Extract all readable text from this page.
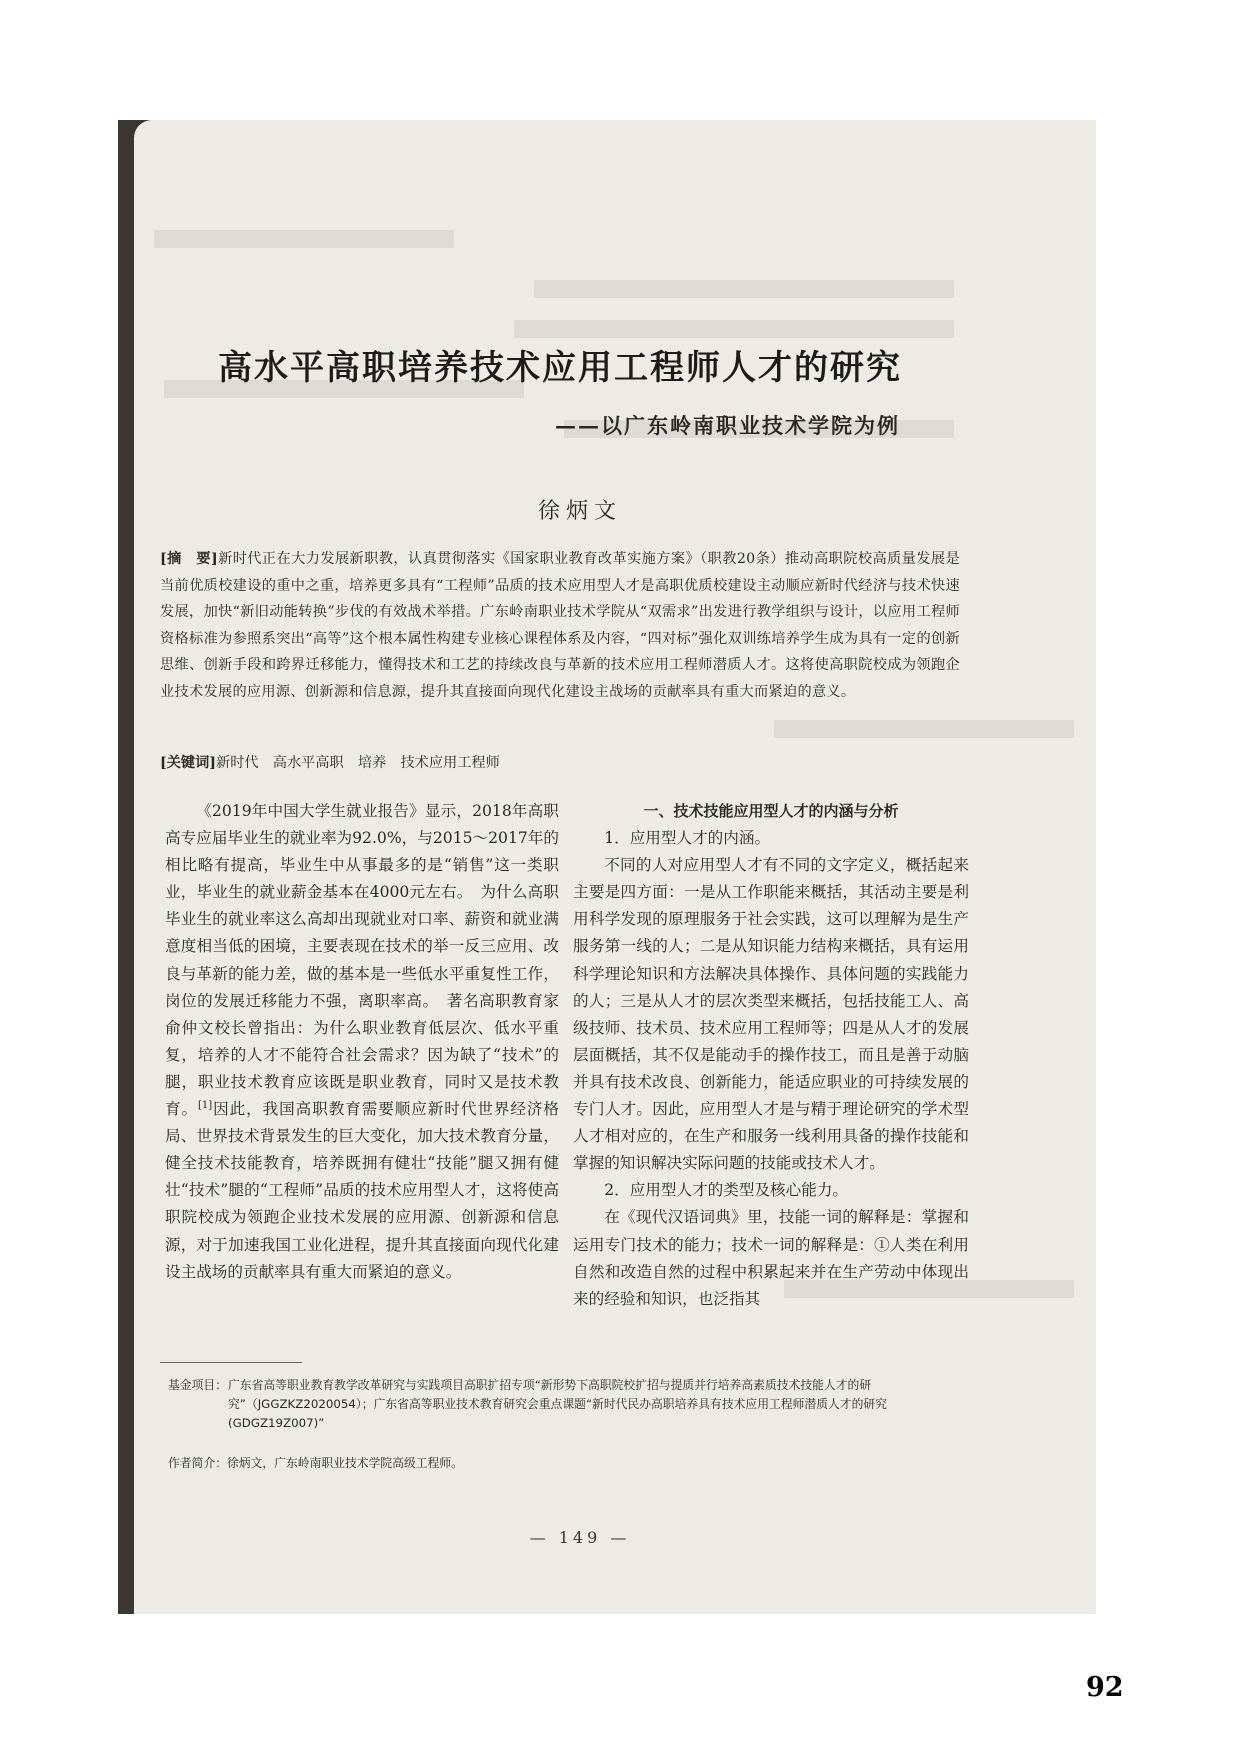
高水平高职培养技术应用工程师人才的研究
——以广东岭南职业技术学院为例

徐炳文

[摘　要]新时代正在大力发展新职教，认真贯彻落实《国家职业教育改革实施方案》（职教20条）推动高职院校高质量发展是当前优质校建设的重中之重，培养更多具有“工程师”品质的技术应用型人才是高职优质校建设主动顺应新时代经济与技术快速发展，加快“新旧动能转换”步伐的有效战术举措。广东岭南职业技术学院从“双需求”出发进行教学组织与设计，以应用工程师资格标准为参照系突出“高等”这个根本属性构建专业核心课程体系及内容，“四对标”强化双训练培养学生成为具有一定的创新思维、创新手段和跨界迁移能力，懂得技术和工艺的持续改良与革新的技术应用工程师潜质人才。这将使高职院校成为领跑企业技术发展的应用源、创新源和信息源，提升其直接面向现代化建设主战场的贡献率具有重大而紧迫的意义。

[关键词]新时代　高水平高职　培养　技术应用工程师

《2019年中国大学生就业报告》显示，2018年高职高专应届毕业生的就业率为92.0%，与2015～2017年的相比略有提高，毕业生中从事最多的是“销售”这一类职业，毕业生的就业薪金基本在4000元左右。　为什么高职毕业生的就业率这么高却出现就业对口率、薪资和就业满意度相当低的困境，主要表现在技术的举一反三应用、改良与革新的能力差，做的基本是一些低水平重复性工作，岗位的发展迁移能力不强，离职率高。　著名高职教育家俞仲文校长曾指出：为什么职业教育低层次、低水平重复，培养的人才不能符合社会需求？因为缺了“技术”的腿，职业技术教育应该既是职业教育，同时又是技术教育。[1]因此，我国高职教育需要顺应新时代世界经济格局、世界技术背景发生的巨大变化，加大技术教育分量，健全技术技能教育，培养既拥有健壮“技能”腿又拥有健壮“技术”腿的“工程师”品质的技术应用型人才，这将使高职院校成为领跑企业技术发展的应用源、创新源和信息源，对于加速我国工业化进程，提升其直接面向现代化建设主战场的贡献率具有重大而紧迫的意义。

一、技术技能应用型人才的内涵与分析

1．应用型人才的内涵。

不同的人对应用型人才有不同的文字定义，概括起来主要是四方面：一是从工作职能来概括，其活动主要是利用科学发现的原理服务于社会实践，这可以理解为是生产服务第一线的人；二是从知识能力结构来概括，具有运用科学理论知识和方法解决具体操作、具体问题的实践能力的人；三是从人才的层次类型来概括，包括技能工人、高级技师、技术员、技术应用工程师等；四是从人才的发展层面概括，其不仅是能动手的操作技工，而且是善于动脑并具有技术改良、创新能力，能适应职业的可持续发展的专门人才。因此，应用型人才是与精于理论研究的学术型人才相对应的，在生产和服务一线利用具备的操作技能和掌握的知识解决实际问题的技能或技术人才。

2．应用型人才的类型及核心能力。

在《现代汉语词典》里，技能一词的解释是：掌握和运用专门技术的能力；技术一词的解释是：①人类在利用自然和改造自然的过程中积累起来并在生产劳动中体现出来的经验和知识，也泛指其

基金项目： 广东省高等职业教育教学改革研究与实践项目高职扩招专项“新形势下高职院校扩招与提质并行培养高素质技术技能人才的研究”（JGGZKZ2020054）；广东省高等职业技术教育研究会重点课题“新时代民办高职培养具有技术应用工程师潜质人才的研究(GDGZ19Z007)”

作者简介：徐炳文，广东岭南职业技术学院高级工程师。

— 149 —

92
